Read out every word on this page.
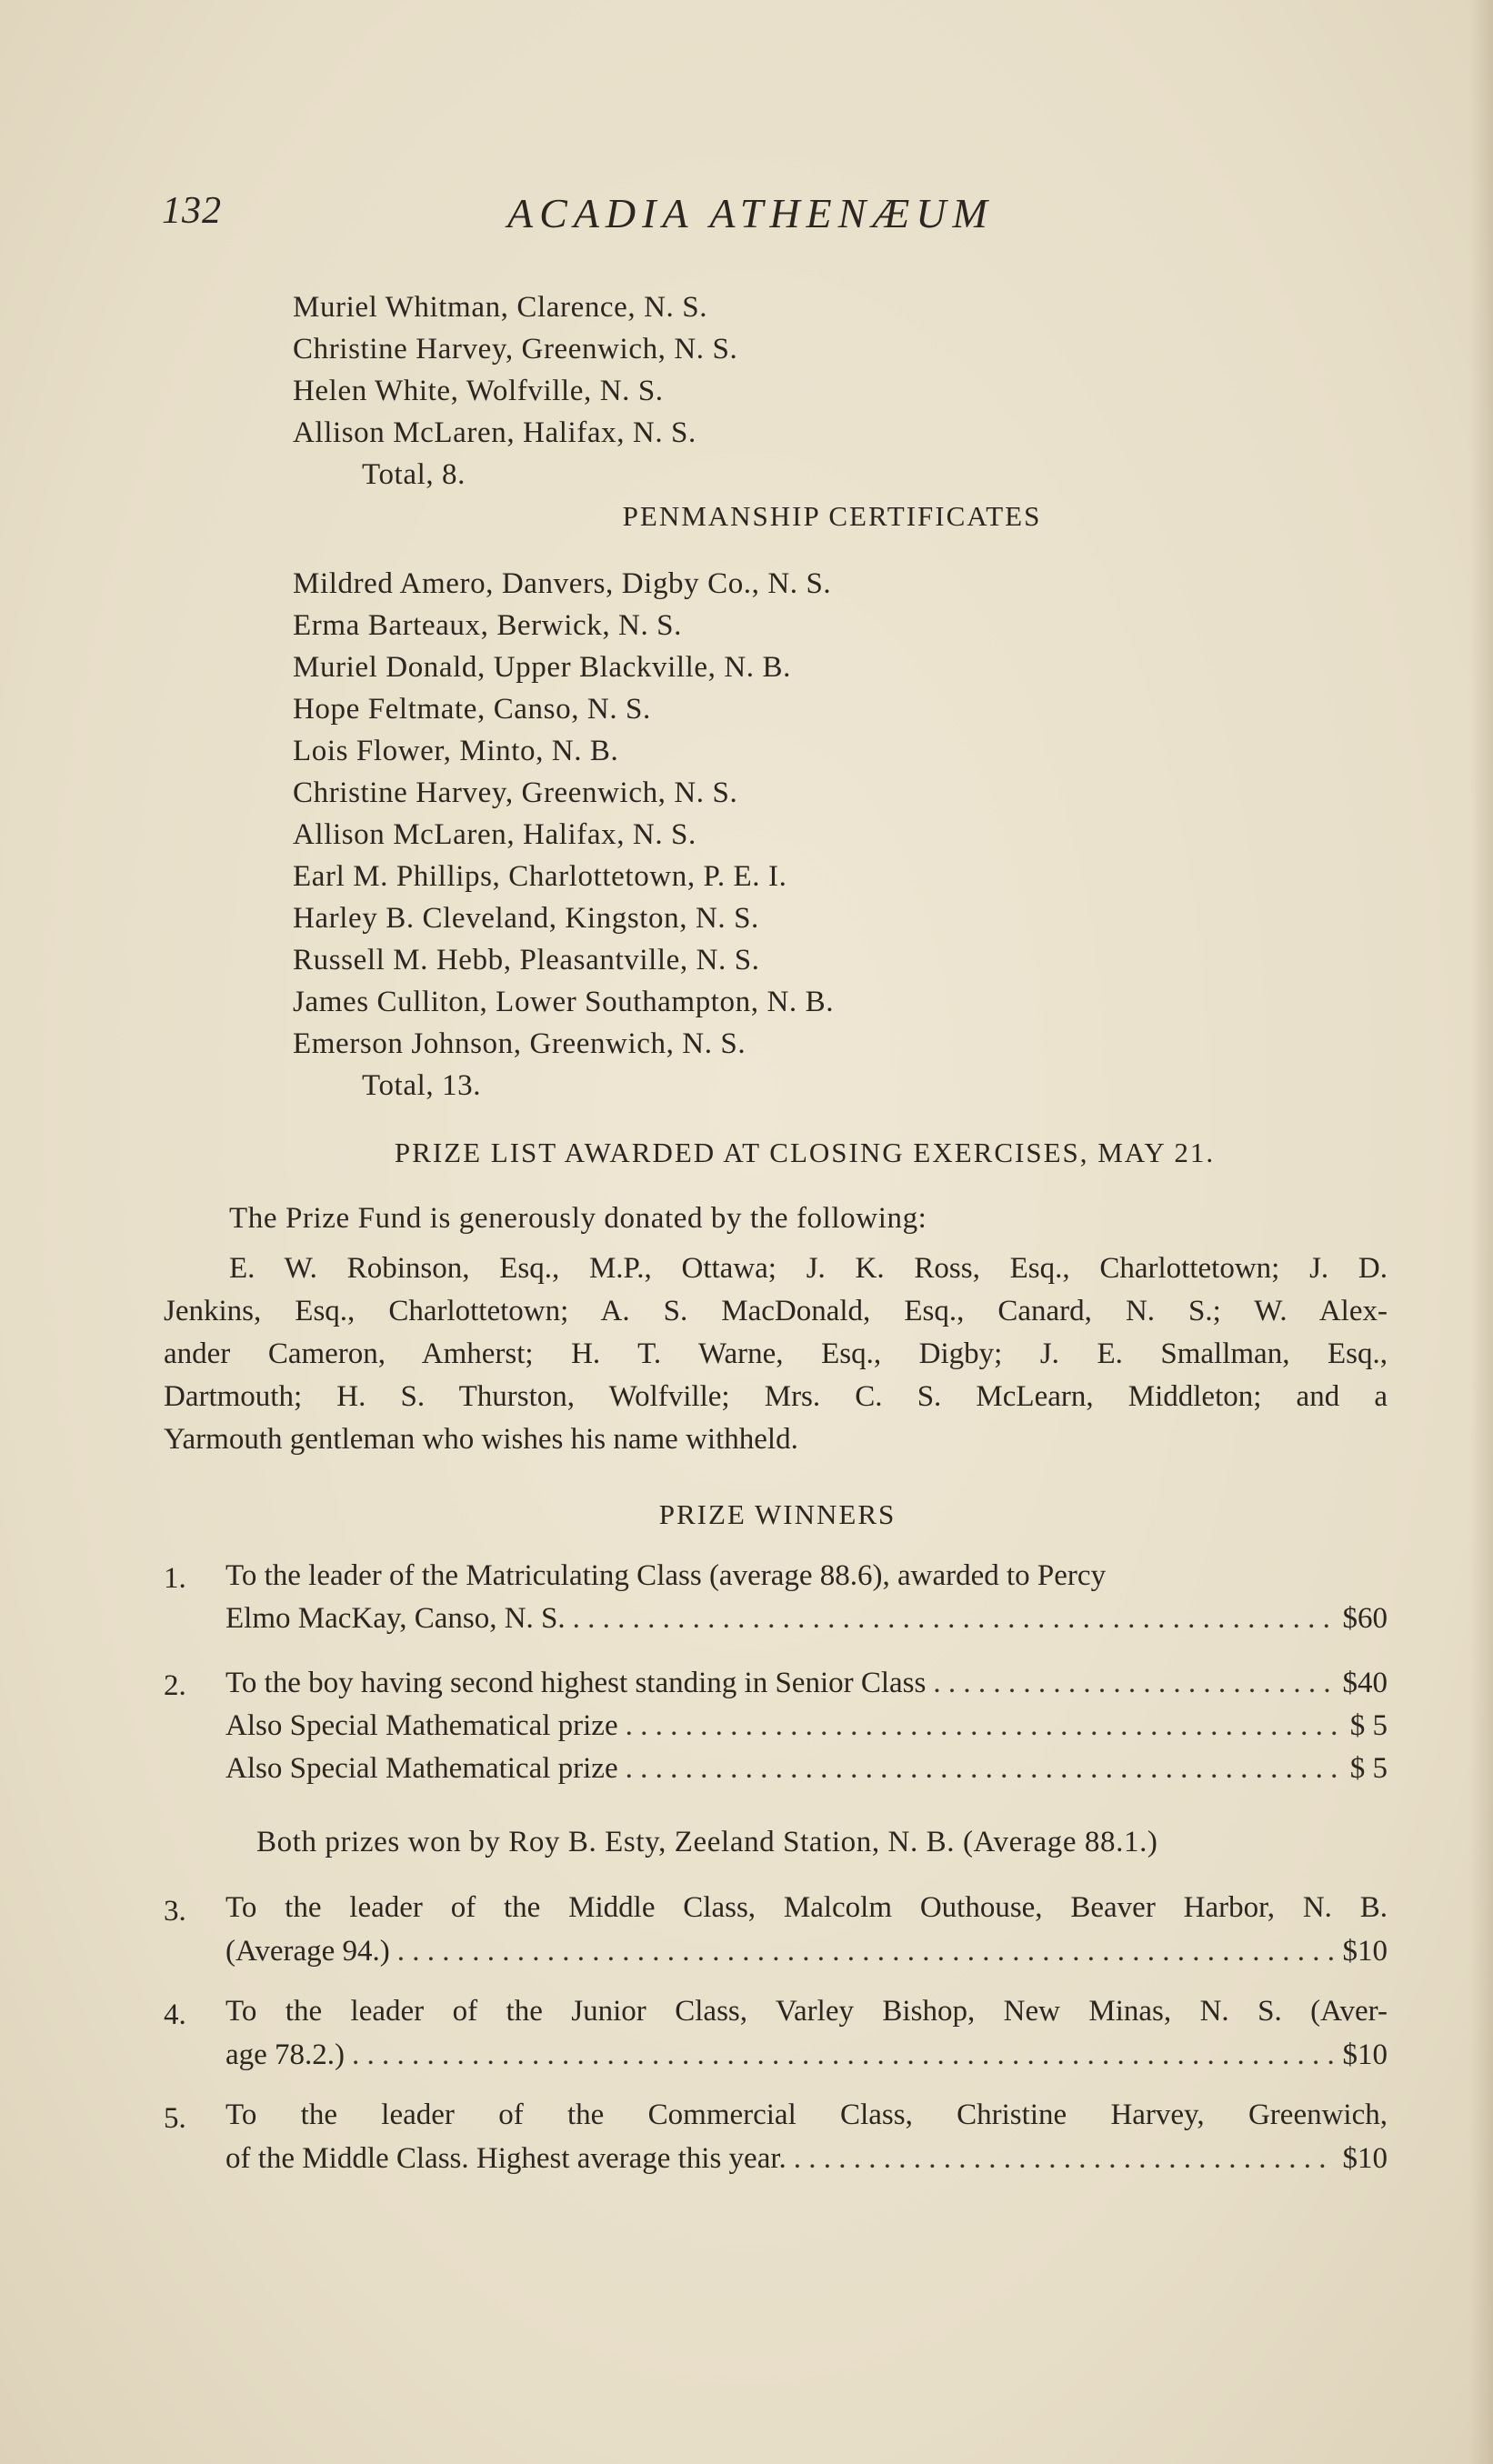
132	ACADIA ATHENÆUM
Muriel Whitman, Clarence, N. S.
Christine Harvey, Greenwich, N. S.
Helen White, Wolfville, N. S.
Allison McLaren, Halifax, N. S.
Total, 8.
PENMANSHIP CERTIFICATES
Mildred Amero, Danvers, Digby Co., N. S.
Erma Barteaux, Berwick, N. S.
Muriel Donald, Upper Blackville, N. B.
Hope Feltmate, Canso, N. S.
Lois Flower, Minto, N. B.
Christine Harvey, Greenwich, N. S.
Allison McLaren, Halifax, N. S.
Earl M. Phillips, Charlottetown, P. E. I.
Harley B. Cleveland, Kingston, N. S.
Russell M. Hebb, Pleasantville, N. S.
James Culliton, Lower Southampton, N. B.
Emerson Johnson, Greenwich, N. S.
Total, 13.
PRIZE LIST AWARDED AT CLOSING EXERCISES, MAY 21.
The Prize Fund is generously donated by the following:
E. W. Robinson, Esq., M.P., Ottawa; J. K. Ross, Esq., Charlottetown; J. D.
Jenkins, Esq., Charlottetown; A. S. MacDonald, Esq., Canard, N. S.; W. Alex-
ander Cameron, Amherst; H. T. Warne, Esq., Digby; J. E. Smallman, Esq.,
Dartmouth; H. S. Thurston, Wolfville; Mrs. C. S. McLearn, Middleton; and a
Yarmouth gentleman who wishes his name withheld.
PRIZE WINNERS
1. To the leader of the Matriculating Class (average 88.6), awarded to Percy
Elmo MacKay, Canso, N. S. . . .	$60
2. To the boy having second highest standing in Senior Class . . .	$40
Also Special Mathematical prize . . .	$ 5
Also Special Mathematical prize . . .	$ 5
Both prizes won by Roy B. Esty, Zeeland Station, N. B. (Average 88.1.)
3. To the leader of the Middle Class, Malcolm Outhouse, Beaver Harbor, N. B.
(Average 94.) . . .	$10
4. To the leader of the Junior Class, Varley Bishop, New Minas, N. S. (Aver-
age 78.2.) . . .	$10
5. To the leader of the Commercial Class, Christine Harvey, Greenwich,
of the Middle Class. Highest average this year. . . .	$10
